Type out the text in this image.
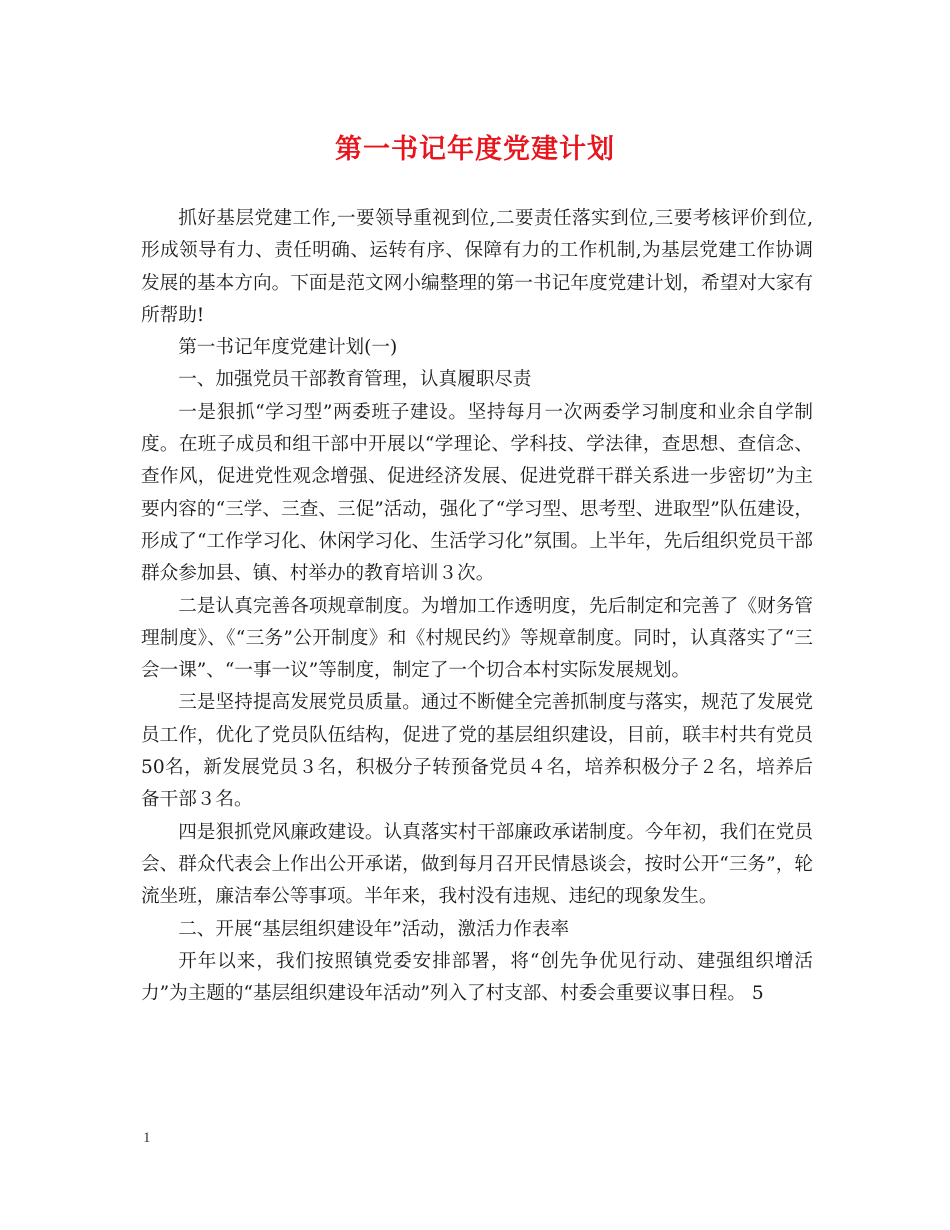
第一书记年度党建计划

抓好基层党建工作,一要领导重视到位,二要责任落实到位,三要考核评价到位,形成领导有力、责任明确、运转有序、保障有力的工作机制,为基层党建工作协调发展的基本方向。下面是范文网小编整理的第一书记年度党建计划，希望对大家有所帮助!

第一书记年度党建计划(一)

一、加强党员干部教育管理，认真履职尽责

一是狠抓“学习型”两委班子建设。坚持每月一次两委学习制度和业余自学制度。在班子成员和组干部中开展以“学理论、学科技、学法律，查思想、查信念、查作风，促进党性观念增强、促进经济发展、促进党群干群关系进一步密切”为主要内容的“三学、三查、三促”活动，强化了“学习型、思考型、进取型”队伍建设，形成了“工作学习化、休闲学习化、生活学习化”氛围。上半年，先后组织党员干部群众参加县、镇、村举办的教育培训３次。

二是认真完善各项规章制度。为增加工作透明度，先后制定和完善了《财务管理制度》、《“三务”公开制度》和《村规民约》等规章制度。同时，认真落实了“三会一课”、“一事一议”等制度，制定了一个切合本村实际发展规划。

三是坚持提高发展党员质量。通过不断健全完善抓制度与落实，规范了发展党员工作，优化了党员队伍结构，促进了党的基层组织建设，目前，联丰村共有党员50名，新发展党员３名，积极分子转预备党员４名，培养积极分子２名，培养后备干部３名。

四是狠抓党风廉政建设。认真落实村干部廉政承诺制度。今年初，我们在党员会、群众代表会上作出公开承诺，做到每月召开民情恳谈会，按时公开“三务”，轮流坐班，廉洁奉公等事项。半年来，我村没有违规、违纪的现象发生。

二、开展“基层组织建设年”活动，激活力作表率

开年以来，我们按照镇党委安排部署，将“创先争优见行动、建强组织增活力”为主题的“基层组织建设年活动”列入了村支部、村委会重要议事日程。 5

1
